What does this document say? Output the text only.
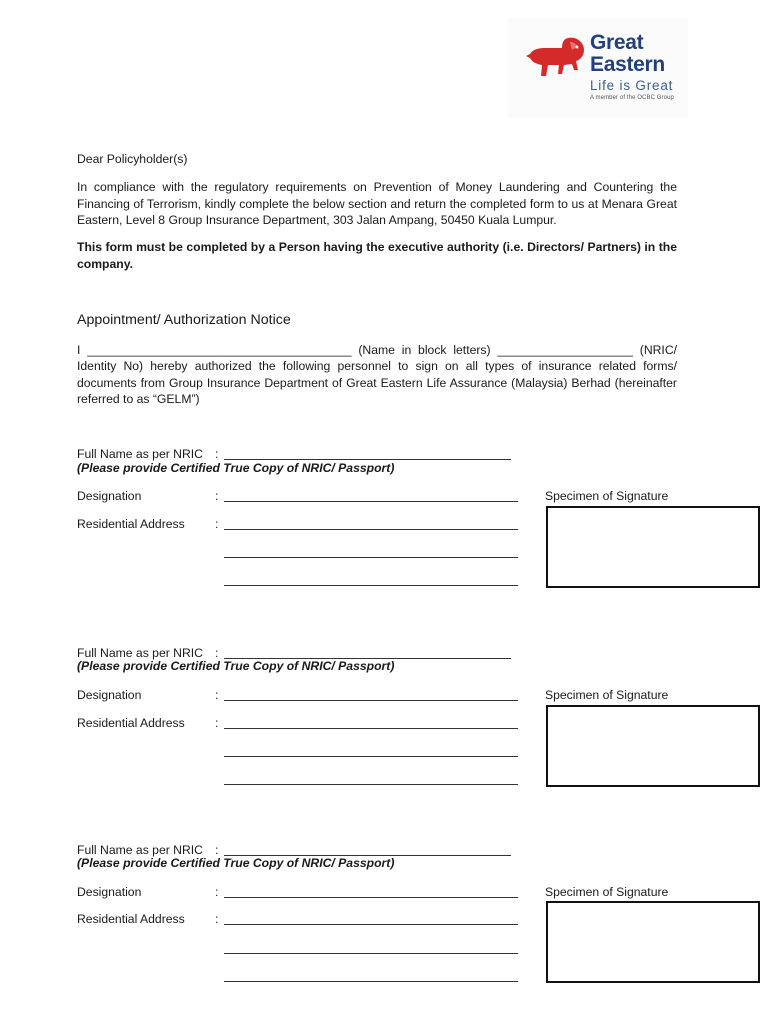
Great
Eastern
Life is Great
A member of the OCBC Group
Dear Policyholder(s)
In compliance with the regulatory requirements on Prevention of Money Laundering and Countering the Financing of Terrorism, kindly complete the below section and return the completed form to us at Menara Great Eastern, Level 8 Group Insurance Department, 303 Jalan Ampang, 50450 Kuala Lumpur.
This form must be completed by a Person having the executive authority (i.e. Directors/ Partners) in the company.
Appointment/ Authorization Notice
I _______________________________________ (Name in block letters) ____________________ (NRIC/
Identity No) hereby authorized the following personnel to sign on all types of insurance related forms/ documents from Group Insurance Department of Great Eastern Life Assurance (Malaysia) Berhad (hereinafter referred to as “GELM”)
Full Name as per NRIC :
(Please provide Certified True Copy of NRIC/ Passport)
Designation	:	Specimen of Signature
Residential Address :
Full Name as per NRIC :
(Please provide Certified True Copy of NRIC/ Passport)
Designation	:	Specimen of Signature
Residential Address :
Full Name as per NRIC :
(Please provide Certified True Copy of NRIC/ Passport)
Designation	:	Specimen of Signature
Residential Address :
